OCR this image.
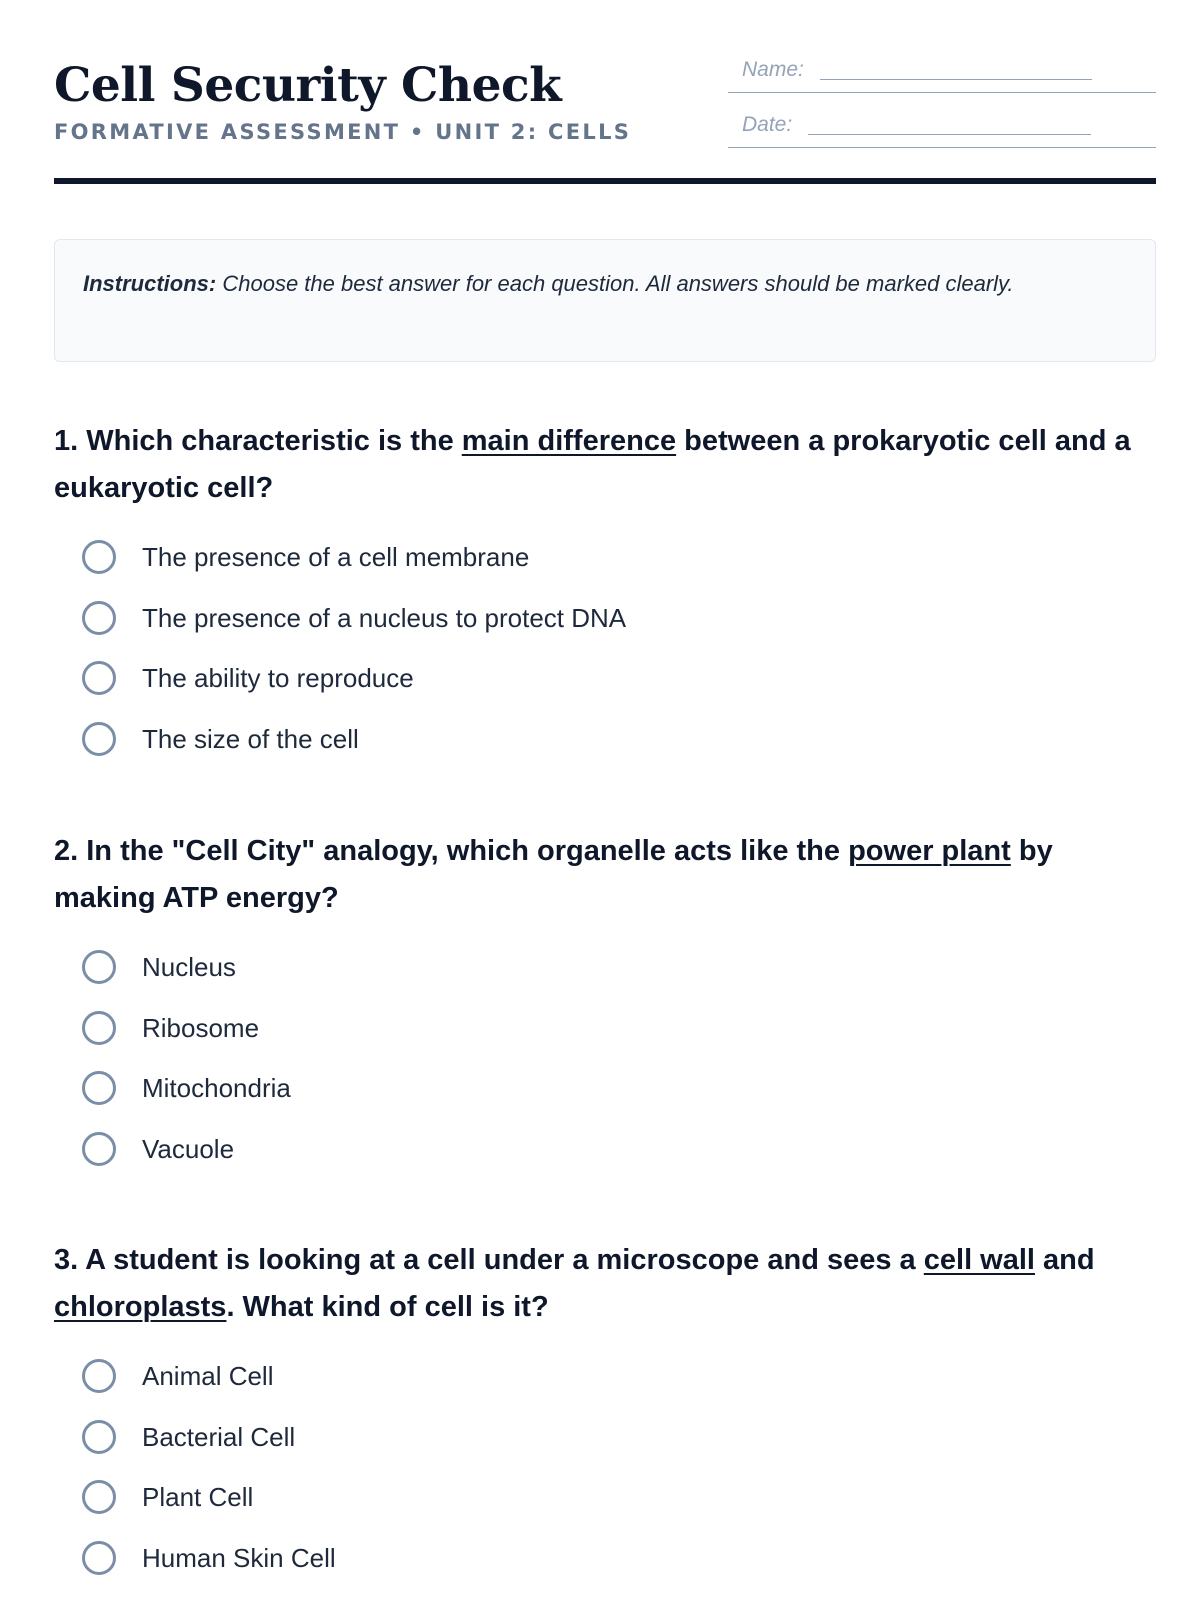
Cell Security Check
FORMATIVE ASSESSMENT • UNIT 2: CELLS
Name:
Date:

Instructions: Choose the best answer for each question. All answers should be marked clearly.

1. Which characteristic is the main difference between a prokaryotic cell and a eukaryotic cell?

The presence of a cell membrane
The presence of a nucleus to protect DNA
The ability to reproduce
The size of the cell

2. In the "Cell City" analogy, which organelle acts like the power plant by making ATP energy?

Nucleus
Ribosome
Mitochondria
Vacuole

3. A student is looking at a cell under a microscope and sees a cell wall and chloroplasts. What kind of cell is it?

Animal Cell
Bacterial Cell
Plant Cell
Human Skin Cell
